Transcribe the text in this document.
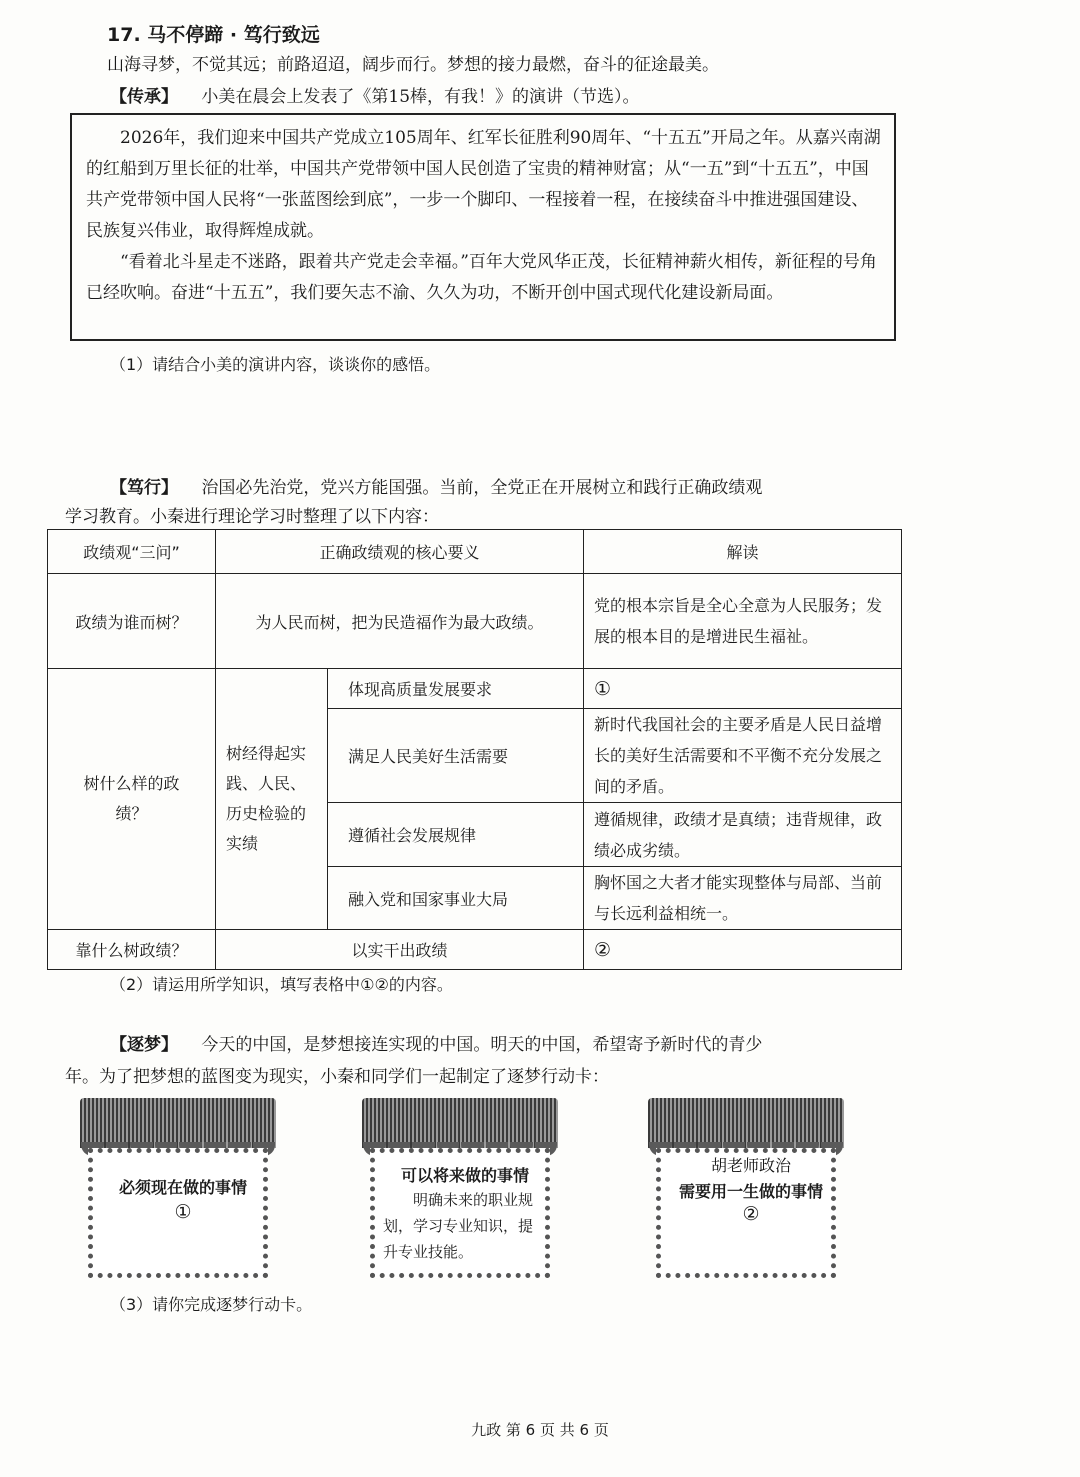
17. 马不停蹄 · 笃行致远
山海寻梦，不觉其远；前路迢迢，阔步而行。梦想的接力最燃，奋斗的征途最美。
【传承】 小美在晨会上发表了《第15棒，有我！》的演讲（节选）。

2026年，我们迎来中国共产党成立105周年、红军长征胜利90周年、“十五五”开局之年。从嘉兴南湖的红船到万里长征的壮举，中国共产党带领中国人民创造了宝贵的精神财富；从“一五”到“十五五”，中国共产党带领中国人民将“一张蓝图绘到底”，一步一个脚印、一程接着一程，在接续奋斗中推进强国建设、民族复兴伟业，取得辉煌成就。

“看着北斗星走不迷路，跟着共产党走会幸福。”百年大党风华正茂，长征精神薪火相传，新征程的号角已经吹响。奋进“十五五”，我们要矢志不渝、久久为功，不断开创中国式现代化建设新局面。

（1）请结合小美的演讲内容，谈谈你的感悟。
【笃行】 治国必先治党，党兴方能国强。当前，全党正在开展树立和践行正确政绩观
学习教育。小秦进行理论学习时整理了以下内容：
政绩观“三问”	正确政绩观的核心要义		解读
政绩为谁而树？	为人民而树，把为民造福作为最大政绩。		党的根本宗旨是全心全意为人民服务；发展的根本目的是增进民生福祉。
树什么样的政绩？	树经得起实践、人民、历史检验的实绩	体现高质量发展要求	①
		满足人民美好生活需要	新时代我国社会的主要矛盾是人民日益增长的美好生活需要和不平衡不充分发展之间的矛盾。
		遵循社会发展规律	遵循规律，政绩才是真绩；违背规律，政绩必成劣绩。
		融入党和国家事业大局	胸怀国之大者才能实现整体与局部、当前与长远利益相统一。
靠什么树政绩？	以实干出政绩		②
（2）请运用所学知识，填写表格中①②的内容。
【逐梦】 今天的中国，是梦想接连实现的中国。明天的中国，希望寄予新时代的青少
年。为了把梦想的蓝图变为现实，小秦和同学们一起制定了逐梦行动卡：
必须现在做的事情
①
可以将来做的事情
明确未来的职业规划，学习专业知识，提升专业技能。
胡老师政治
需要用一生做的事情
②
（3）请你完成逐梦行动卡。
九政 第 6 页 共 6 页
